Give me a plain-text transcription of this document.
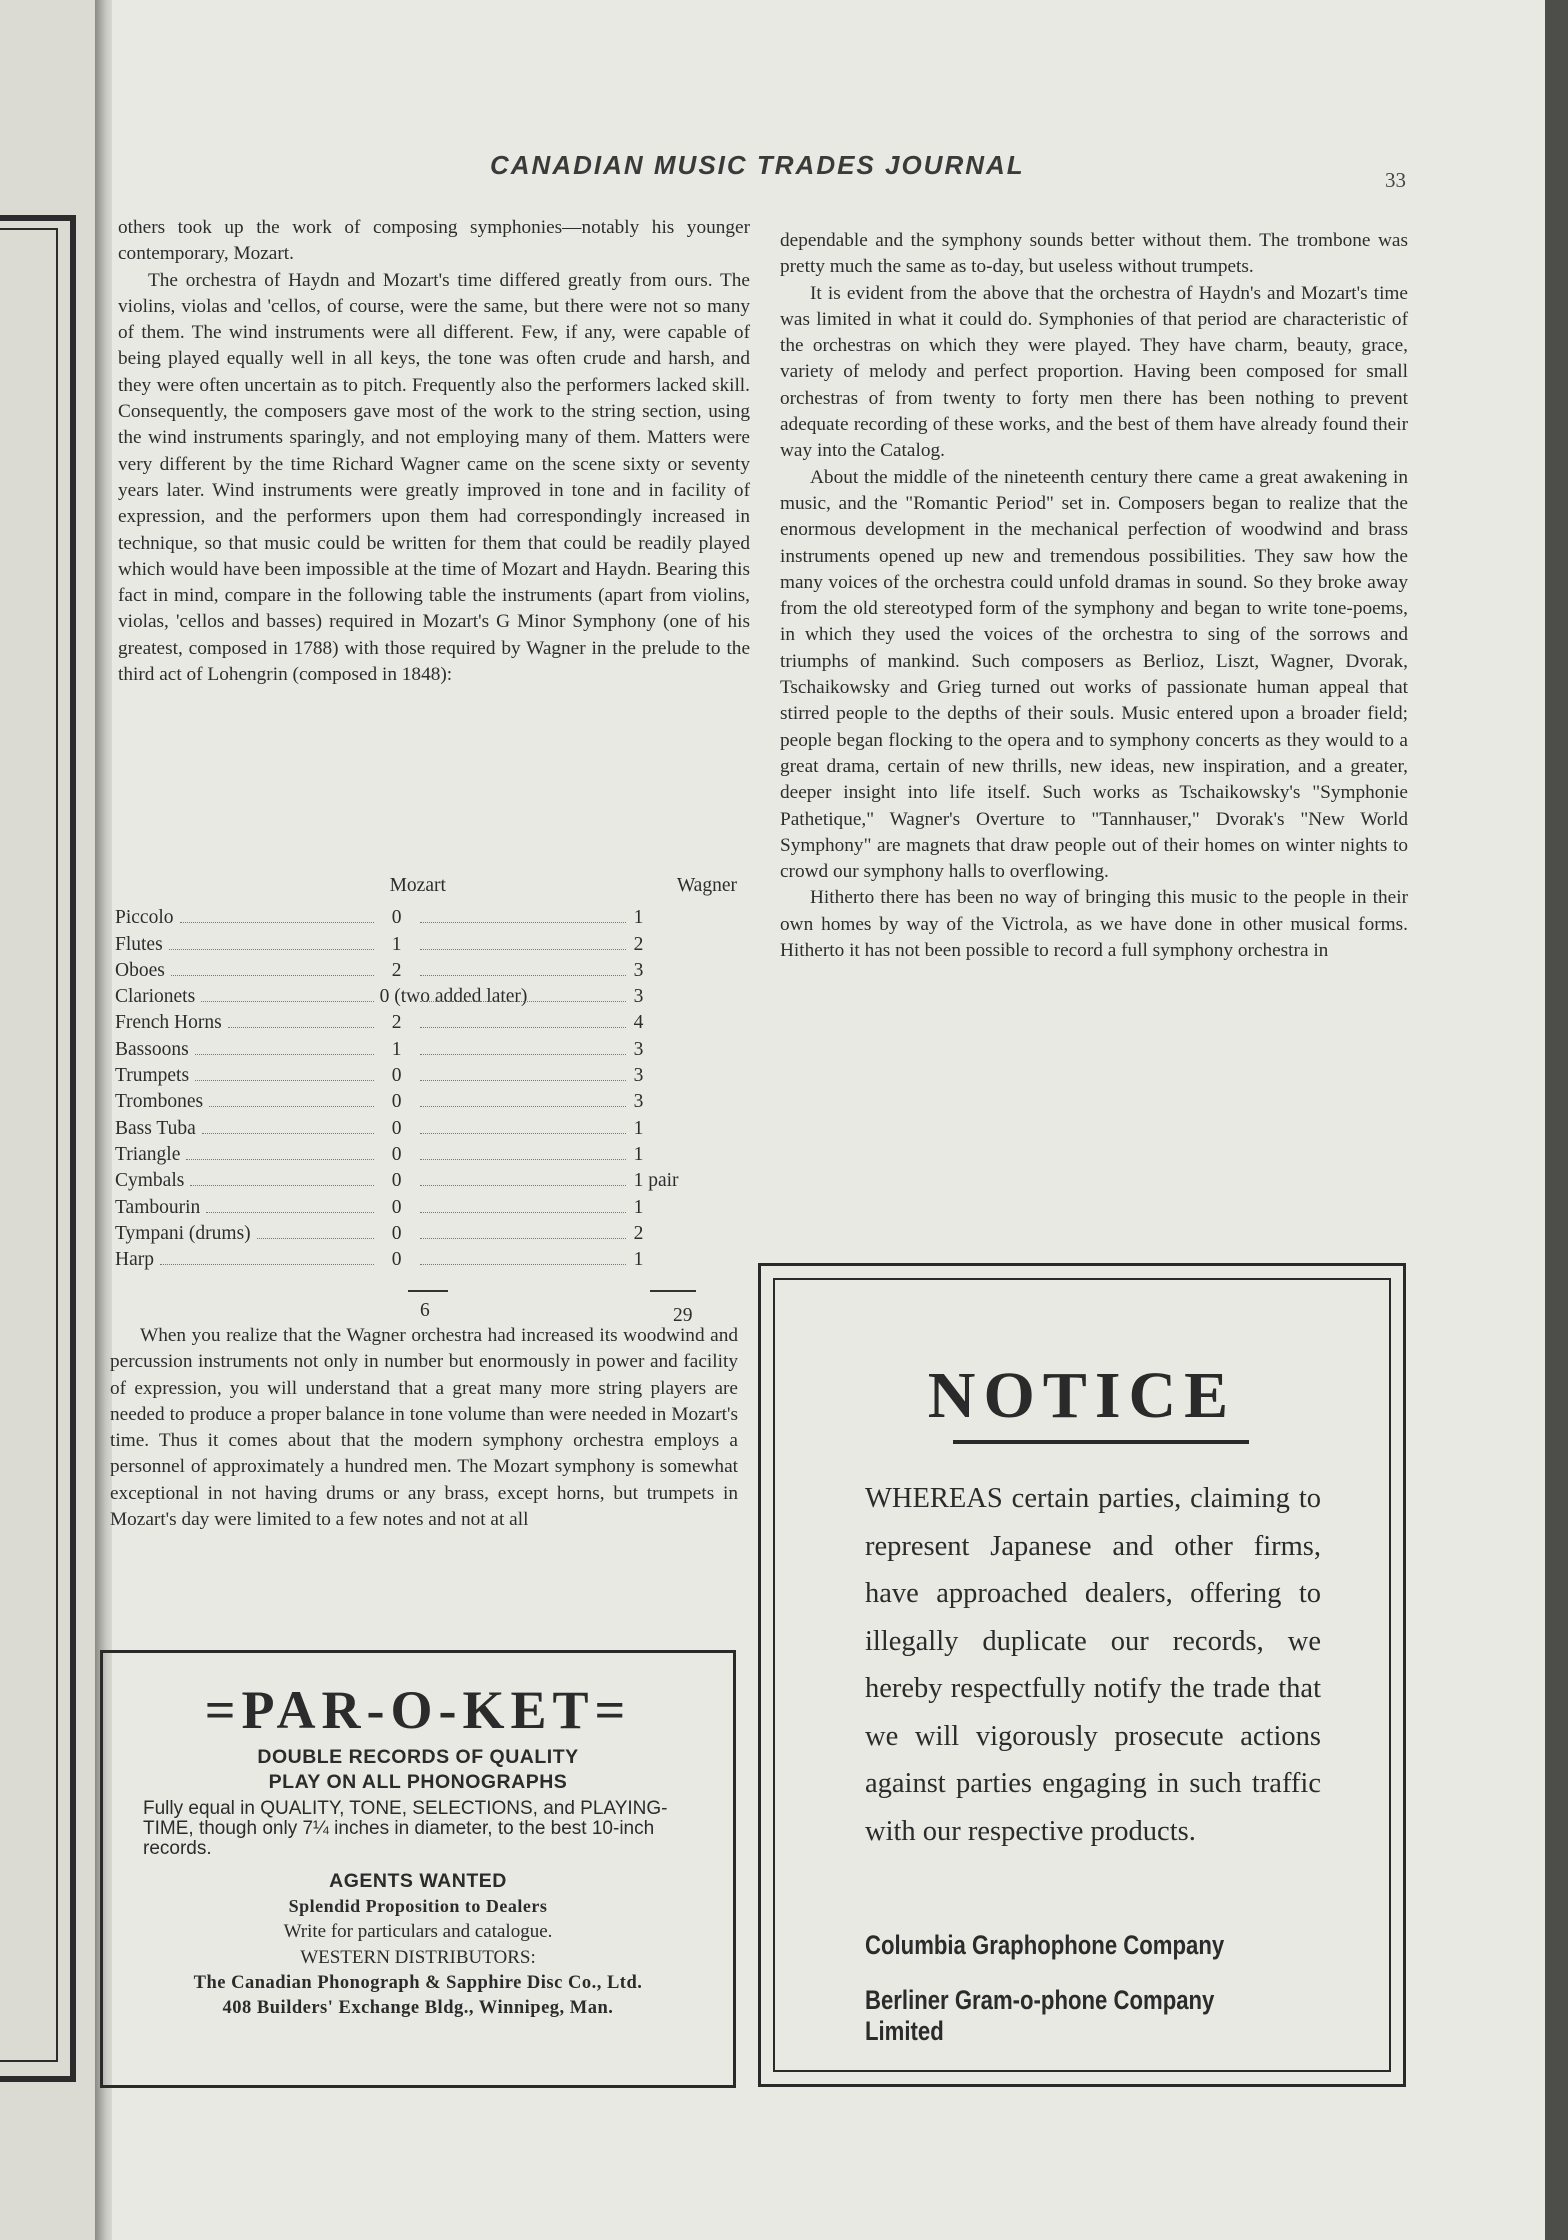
CANADIAN MUSIC TRADES JOURNAL	33

others took up the work of composing symphonies—notably his younger contemporary, Mozart.

The orchestra of Haydn and Mozart's time differed greatly from ours. The violins, violas and 'cellos, of course, were the same, but there were not so many of them. The wind instruments were all different. Few, if any, were capable of being played equally well in all keys, the tone was often crude and harsh, and they were often uncertain as to pitch. Frequently also the performers lacked skill. Consequently, the composers gave most of the work to the string section, using the wind instruments sparingly, and not employing many of them. Matters were very different by the time Richard Wagner came on the scene sixty or seventy years later. Wind instruments were greatly improved in tone and in facility of expression, and the performers upon them had correspondingly increased in technique, so that music could be written for them that could be readily played which would have been impossible at the time of Mozart and Haydn. Bearing this fact in mind, compare in the following table the instruments (apart from violins, violas, 'cellos and basses) required in Mozart's G Minor Symphony (one of his greatest, composed in 1788) with those required by Wagner in the prelude to the third act of Lohengrin (composed in 1848):

	Mozart	Wagner

Piccolo	0	1

Flutes	1	2

Oboes	2	3

Clarionets	0 (two added later)	3

French Horns	2	4

Bassoons	1	3

Trumpets	0	3

Trombones	0	3

Bass Tuba	0	1

Triangle	0	1

Cymbals	0	1 pair

Tambourin	0	1

Tympani (drums)	0	2

Harp	0	1
6	29

When you realize that the Wagner orchestra had increased its woodwind and percussion instruments not only in number but enormously in power and facility of expression, you will understand that a great many more string players are needed to produce a proper balance in tone volume than were needed in Mozart's time. Thus it comes about that the modern symphony orchestra employs a personnel of approximately a hundred men. The Mozart symphony is somewhat exceptional in not having drums or any brass, except horns, but trumpets in Mozart's day were limited to a few notes and not at all

dependable and the symphony sounds better without them. The trombone was pretty much the same as to-day, but useless without trumpets.

It is evident from the above that the orchestra of Haydn's and Mozart's time was limited in what it could do. Symphonies of that period are characteristic of the orchestras on which they were played. They have charm, beauty, grace, variety of melody and perfect proportion. Having been composed for small orchestras of from twenty to forty men there has been nothing to prevent adequate recording of these works, and the best of them have already found their way into the Catalog.

About the middle of the nineteenth century there came a great awakening in music, and the "Romantic Period" set in. Composers began to realize that the enormous development in the mechanical perfection of woodwind and brass instruments opened up new and tremendous possibilities. They saw how the many voices of the orchestra could unfold dramas in sound. So they broke away from the old stereotyped form of the symphony and began to write tone-poems, in which they used the voices of the orchestra to sing of the sorrows and triumphs of mankind. Such composers as Berlioz, Liszt, Wagner, Dvorak, Tschaikowsky and Grieg turned out works of passionate human appeal that stirred people to the depths of their souls. Music entered upon a broader field; people began flocking to the opera and to symphony concerts as they would to a great drama, certain of new thrills, new ideas, new inspiration, and a greater, deeper insight into life itself. Such works as Tschaikowsky's "Symphonie Pathetique," Wagner's Overture to "Tannhauser," Dvorak's "New World Symphony" are magnets that draw people out of their homes on winter nights to crowd our symphony halls to overflowing.

Hitherto there has been no way of bringing this music to the people in their own homes by way of the Victrola, as we have done in other musical forms. Hitherto it has not been possible to record a full symphony orchestra in

=PAR-O-KET=
DOUBLE RECORDS OF QUALITY
PLAY ON ALL PHONOGRAPHS
Fully equal in QUALITY, TONE, SELECTIONS, and PLAYING-TIME, though only 7¼ inches in diameter, to the best 10-inch records.
AGENTS WANTED
Splendid Proposition to Dealers
Write for particulars and catalogue.
WESTERN DISTRIBUTORS:
The Canadian Phonograph & Sapphire Disc Co., Ltd.
408 Builders' Exchange Bldg., Winnipeg, Man.
NOTICE
WHEREAS certain parties, claiming to represent Japanese and other firms, have approached dealers, offering to illegally duplicate our records, we hereby respectfully notify the trade that we will vigorously prosecute actions against parties engaging in such traffic with our respective products.
Columbia Graphophone Company
Berliner Gram-o-phone Company Limited
